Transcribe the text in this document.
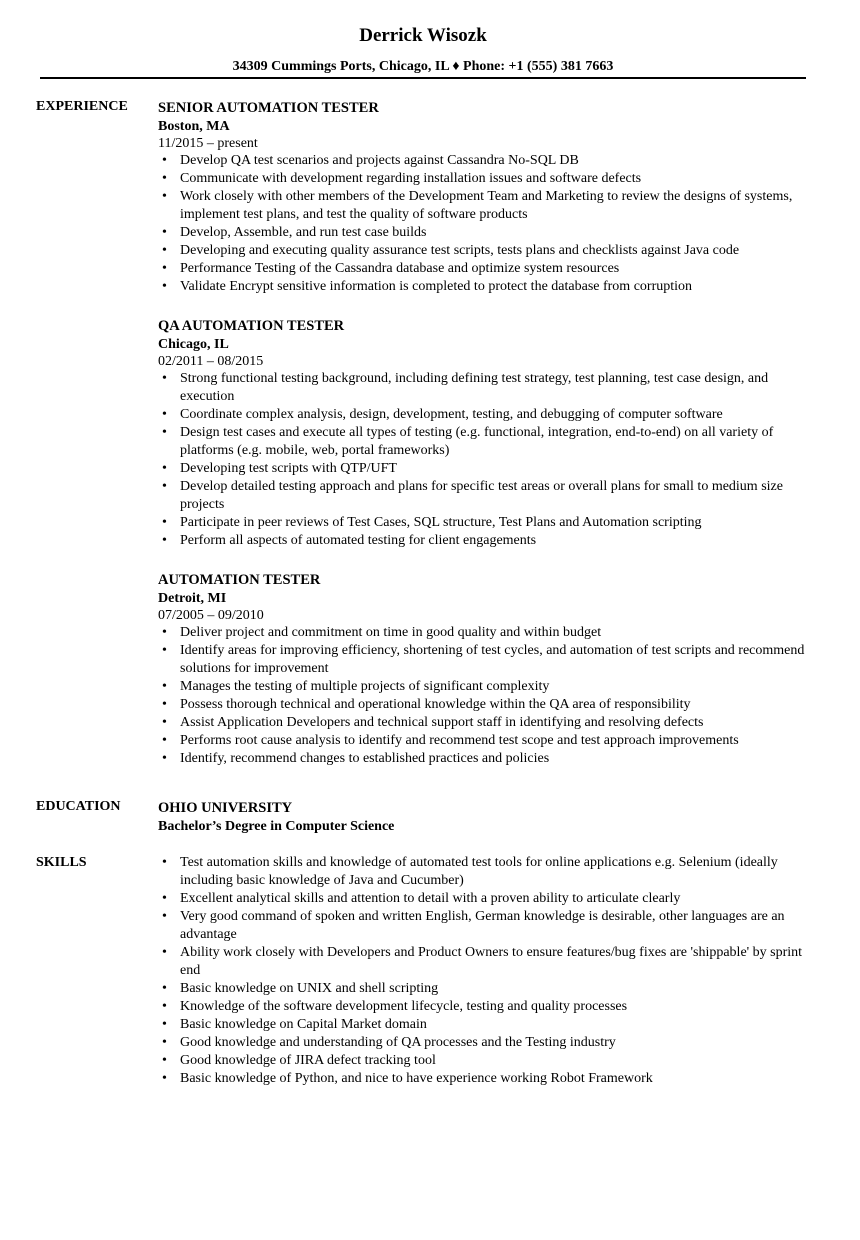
Derrick Wisozk
34309 Cummings Ports, Chicago, IL ♦ Phone: +1 (555) 381 7663
EXPERIENCE SENIOR AUTOMATION TESTER
Boston, MA
11/2015 – present
• Develop QA test scenarios and projects against Cassandra No-SQL DB
• Communicate with development regarding installation issues and software defects
• Work closely with other members of the Development Team and Marketing to review the designs of systems, implement test plans, and test the quality of software products
• Develop, Assemble, and run test case builds
• Developing and executing quality assurance test scripts, tests plans and checklists against Java code
• Performance Testing of the Cassandra database and optimize system resources
• Validate Encrypt sensitive information is completed to protect the database from corruption
QA AUTOMATION TESTER
Chicago, IL
02/2011 – 08/2015
• Strong functional testing background, including defining test strategy, test planning, test case design, and execution
• Coordinate complex analysis, design, development, testing, and debugging of computer software
• Design test cases and execute all types of testing (e.g. functional, integration, end-to-end) on all variety of platforms (e.g. mobile, web, portal frameworks)
• Developing test scripts with QTP/UFT
• Develop detailed testing approach and plans for specific test areas or overall plans for small to medium size projects
• Participate in peer reviews of Test Cases, SQL structure, Test Plans and Automation scripting
• Perform all aspects of automated testing for client engagements
AUTOMATION TESTER
Detroit, MI
07/2005 – 09/2010
• Deliver project and commitment on time in good quality and within budget
• Identify areas for improving efficiency, shortening of test cycles, and automation of test scripts and recommend solutions for improvement
• Manages the testing of multiple projects of significant complexity
• Possess thorough technical and operational knowledge within the QA area of responsibility
• Assist Application Developers and technical support staff in identifying and resolving defects
• Performs root cause analysis to identify and recommend test scope and test approach improvements
• Identify, recommend changes to established practices and policies
EDUCATION	OHIO UNIVERSITY
Bachelor’s Degree in Computer Science
SKILLS
•	Test automation skills and knowledge of automated test tools for online applications e.g. Selenium (ideally including basic knowledge of Java and Cucumber)
• Excellent analytical skills and attention to detail with a proven ability to articulate clearly
• Very good command of spoken and written English, German knowledge is desirable, other languages are an advantage
• Ability work closely with Developers and Product Owners to ensure features/bug fixes are 'shippable' by sprint end
• Basic knowledge on UNIX and shell scripting
• Knowledge of the software development lifecycle, testing and quality processes
• Basic knowledge on Capital Market domain
• Good knowledge and understanding of QA processes and the Testing industry
• Good knowledge of JIRA defect tracking tool
• Basic knowledge of Python, and nice to have experience working Robot Framework
